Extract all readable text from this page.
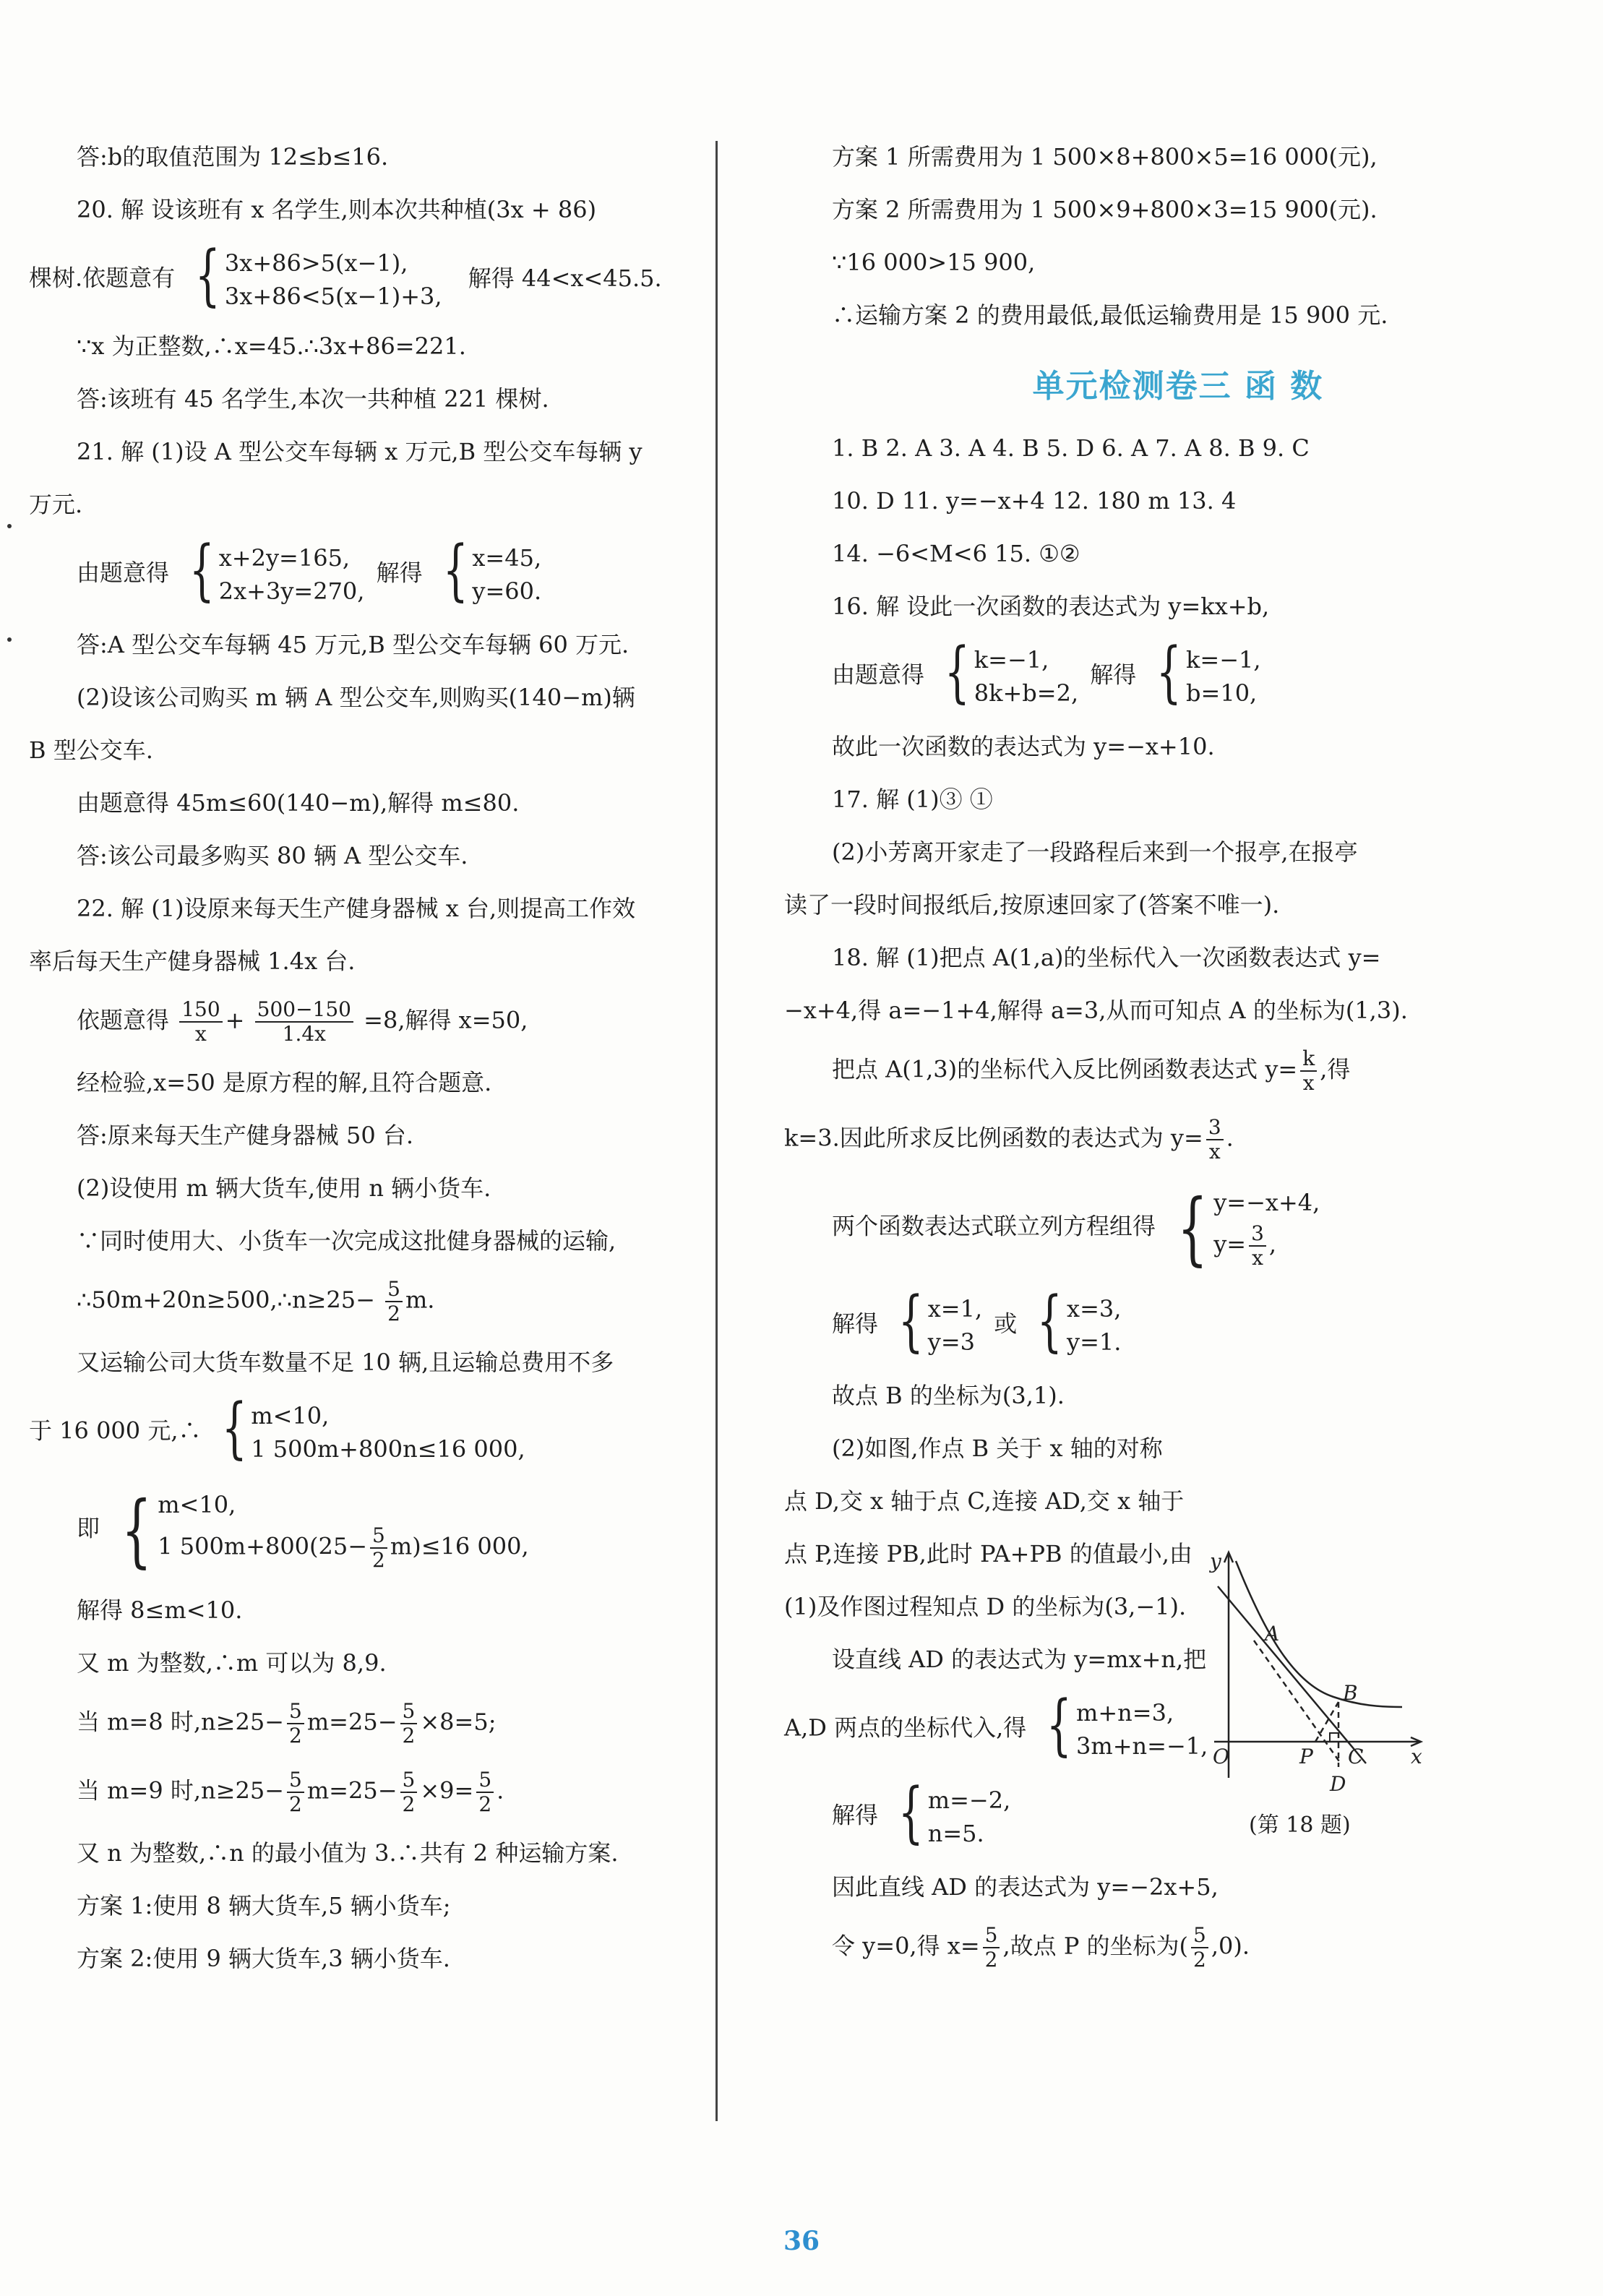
答:b的取值范围为 12≤b≤16.
20. 解 设该班有 x 名学生,则本次共种植(3x + 86)
棵树.依题意有 { 3x+86>5(x−1),
3x+86<5(x−1)+3,
解得 44<x<45.5.
∵x 为正整数,∴x=45.∴3x+86=221.
答:该班有 45 名学生,本次一共种植 221 棵树.
21. 解 (1)设 A 型公交车每辆 x 万元,B 型公交车每辆 y
万元.
由题意得 { x+2y=165,
2x+3y=270,
解得 { x=45,
y=60.
答:A 型公交车每辆 45 万元,B 型公交车每辆 60 万元.
(2)设该公司购买 m 辆 A 型公交车,则购买(140−m)辆
B 型公交车.
由题意得 45m≤60(140−m),解得 m≤80.
答:该公司最多购买 80 辆 A 型公交车.
22. 解 (1)设原来每天生产健身器械 x 台,则提高工作效
率后每天生产健身器械 1.4x 台.
依题意得 $\frac{150}{x} + \frac{500-150}{1.4x} =8$,解得 x=50,
经检验,x=50 是原方程的解,且符合题意.
答:原来每天生产健身器械 50 台.
(2)设使用 m 辆大货车,使用 n 辆小货车.
∵同时使用大、小货车一次完成这批健身器械的运输,
∴50m+20n≥500,∴n≥25− $\frac{5}{2} m$.
又运输公司大货车数量不足 10 辆,且运输总费用不多
于 16 000 元,∴ { m<10,
1 500m+800n≤16 000,
即 { m<10,
1 $500m+800(25- \frac{5}{2} m)\le 16$ 000,
解得 8≤m<10.
又 m 为整数,∴m 可以为 8,9.
当 m=8 时$,n\ge 25- \frac{5}{2} m=25- \frac{5}{2} \times 8=5$;
当 m=9 时$,n\ge 25- \frac{5}{2} m=25- \frac{5}{2} \times 9= \frac{5}{2}$ .
又 n 为整数,∴n 的最小值为 3.∴共有 2 种运输方案.
方案 1:使用 8 辆大货车,5 辆小货车;
方案 2:使用 9 辆大货车,3 辆小货车.
方案 1 所需费用为 1 500×8+800×5=16 000(元),
方案 2 所需费用为 1 500×9+800×3=15 900(元).
∵16 000>15 900,
∴运输方案 2 的费用最低,最低运输费用是 15 900 元.
单元检测卷三 函 数
1. B 2. A 3. A 4. B 5. D 6. A 7. A 8. B 9. C
10. D 11. y=−x+4 12. 180 m 13. 4
14. −6<M<6 15. ①②
16. 解 设此一次函数的表达式为 y=kx+b,
由题意得 { k=−1,
8k+b=2,
解得 { k=−1,
b=10,
故此一次函数的表达式为 y=−x+10.
17. 解 (1)③ ①
(2)小芳离开家走了一段路程后来到一个报亭,在报亭
读了一段时间报纸后,按原速回家了(答案不唯一).
18. 解 (1)把点 A(1,a)的坐标代入一次函数表达式 y=
−x+4,得 a=−1+4,解得 a=3,从而可知点 A 的坐标为(1,3).
把点 A(1,3)的坐标代入反比例函数表达式 $y= \frac{k}{x}$ ,得
k=3.因此所求反比例函数的表达式为 $y= \frac{3}{x}$ .
两个函数表达式联立列方程组得 { y=−x+4,
$y= \frac{3}{x}$ ,
解得 { x=1,
y=3
或 { x=3,
y=1.
故点 B 的坐标为(3,1).
(2)如图,作点 B 关于 x 轴的对称
点 D,交 x 轴于点 C,连接 AD,交 x 轴于
点 P,连接 PB,此时 PA+PB 的值最小,由
(1)及作图过程知点 D 的坐标为(3,−1).
设直线 AD 的表达式为 y=mx+n,把
A,D 两点的坐标代入,得 { m+n=3,
3m+n=−1,
解得 { m=−2,
n=5.
因此直线 AD 的表达式为 y=−2x+5,
令 y=0,得 $x= \frac{5}{2}$ ,故点 P 的坐标为( $\frac{5}{2} ,0$).
y
A
B
O	P C x
D
(第 18 题)
36
